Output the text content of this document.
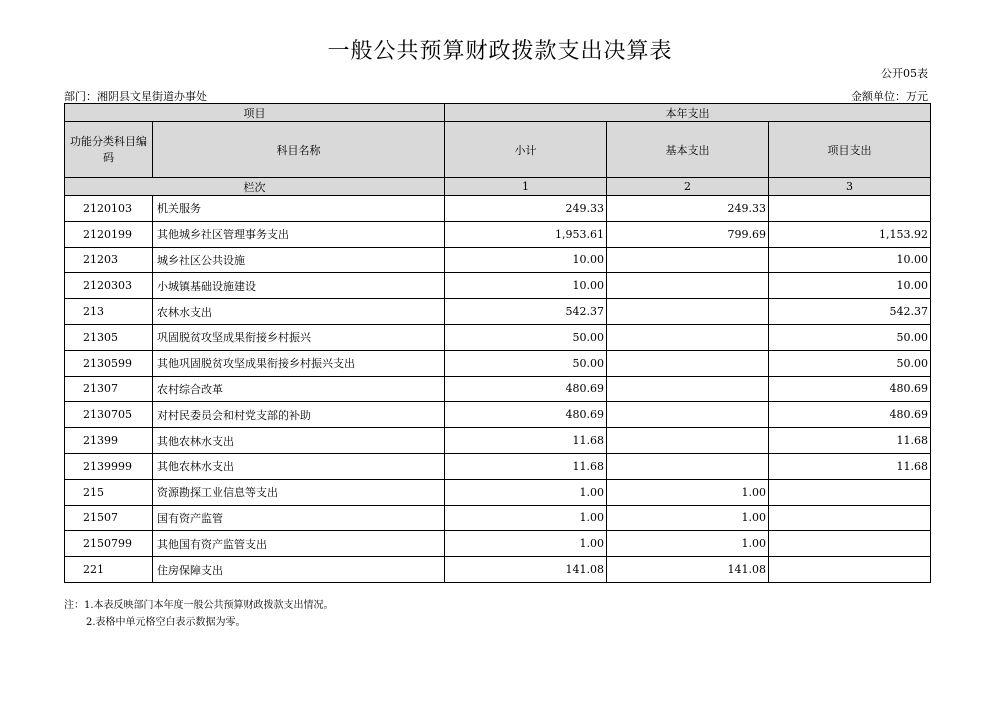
一般公共预算财政拨款支出决算表
公开05表
部门：湘阴县文星街道办事处	金额单位：万元
项目		本年支出		
功能分类科目编码	科目名称	小计	基本支出	项目支出
栏次		1	2	3
2120103	机关服务	249.33	249.33	
2120199	其他城乡社区管理事务支出	1,953.61	799.69	1,153.92
21203	城乡社区公共设施	10.00		10.00
2120303	小城镇基础设施建设	10.00		10.00
213	农林水支出	542.37		542.37
21305	巩固脱贫攻坚成果衔接乡村振兴	50.00		50.00
2130599	其他巩固脱贫攻坚成果衔接乡村振兴支出	50.00		50.00
21307	农村综合改革	480.69		480.69
2130705	对村民委员会和村党支部的补助	480.69		480.69
21399	其他农林水支出	11.68		11.68
2139999	其他农林水支出	11.68		11.68
215	资源勘探工业信息等支出	1.00	1.00	
21507	国有资产监管	1.00	1.00	
2150799	其他国有资产监管支出	1.00	1.00	
221	住房保障支出	141.08	141.08	
注：1.本表反映部门本年度一般公共预算财政拨款支出情况。
2.表格中单元格空白表示数据为零。
